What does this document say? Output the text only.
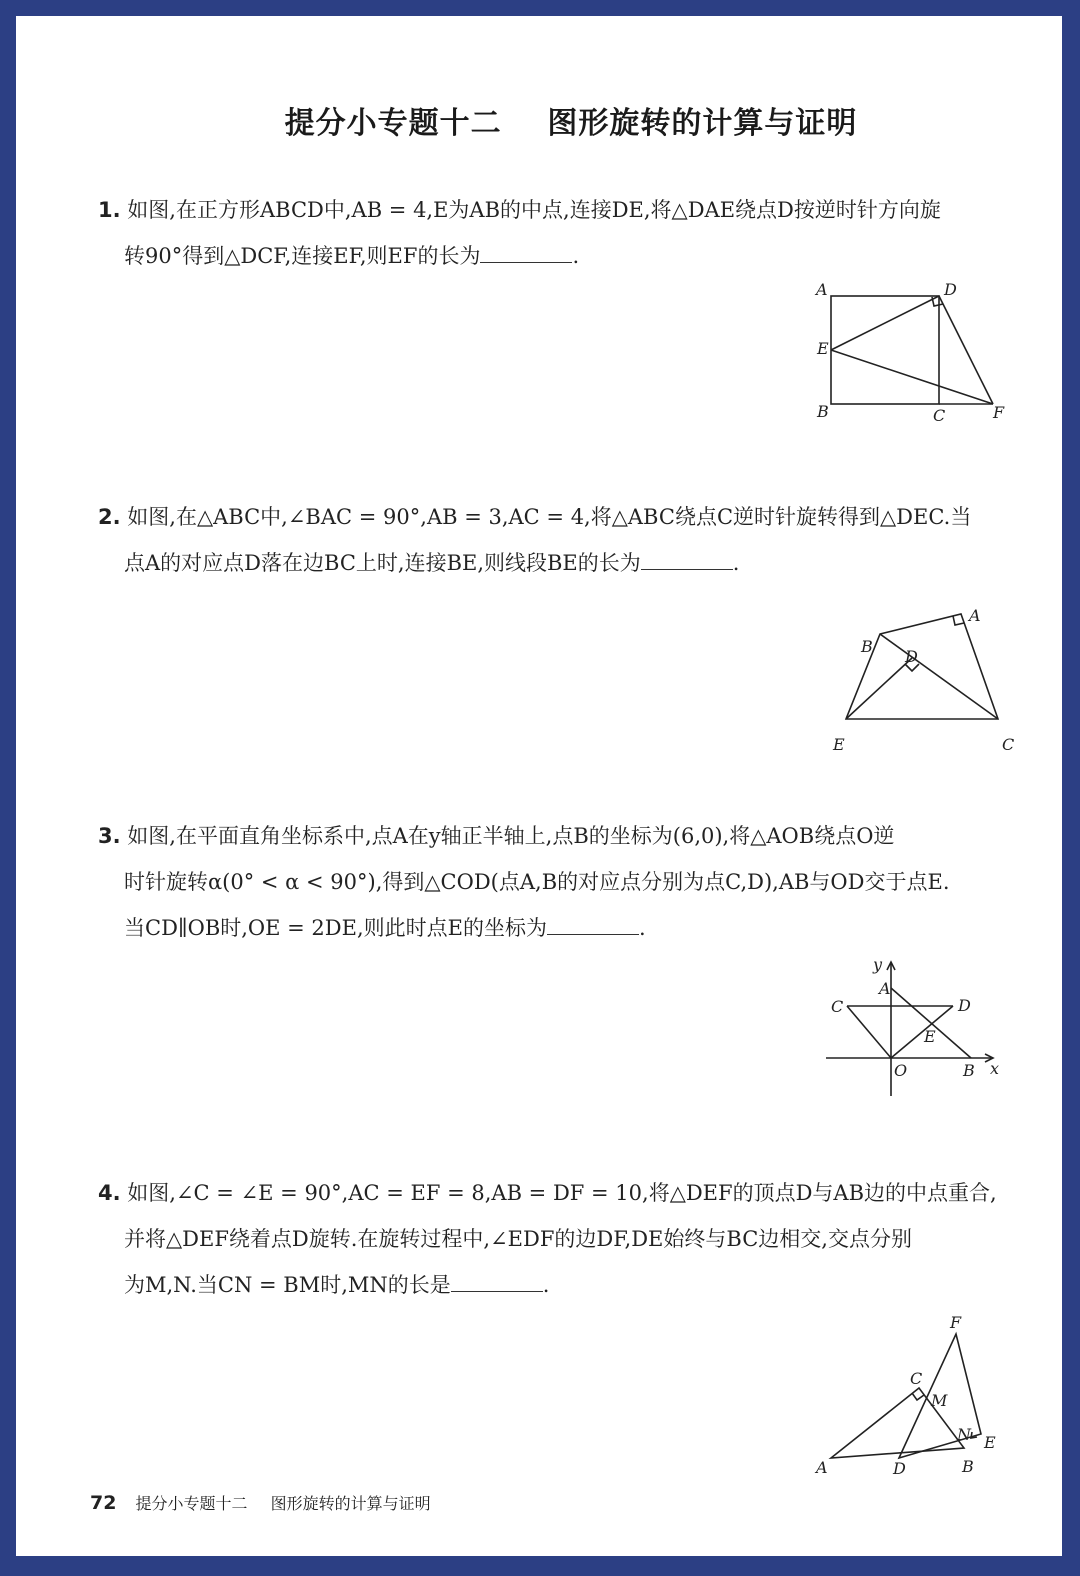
提分小专题十二    图形旋转的计算与证明
1. 如图,在正方形ABCD中,AB = 4,E为AB的中点,连接DE,将△DAE绕点D按逆时针方向旋
转90°得到△DCF,连接EF,则EF的长为	.
A	D
E
B	C	F
2. 如图,在△ABC中,∠BAC = 90°,AB = 3,AC = 4,将△ABC绕点C逆时针旋转得到△DEC.当
点A的对应点D落在边BC上时,连接BE,则线段BE的长为	.
A
B
D
E	C
3. 如图,在平面直角坐标系中,点A在y轴正半轴上,点B的坐标为(6,0),将△AOB绕点O逆
时针旋转α(0° < α < 90°),得到△COD(点A,B的对应点分别为点C,D),AB与OD交于点E.
当CD∥OB时,OE = 2DE,则此时点E的坐标为	.
y
x
A
C	D
E
O	B
4. 如图,∠C = ∠E = 90°,AC = EF = 8,AB = DF = 10,将△DEF的顶点D与AB边的中点重合,
并将△DEF绕着点D旋转.在旋转过程中,∠EDF的边DF,DE始终与BC边相交,交点分别
为M,N.当CN = BM时,MN的长是	.
F
C
M
N E
A	D	B
72 提分小专题十二 图形旋转的计算与证明
